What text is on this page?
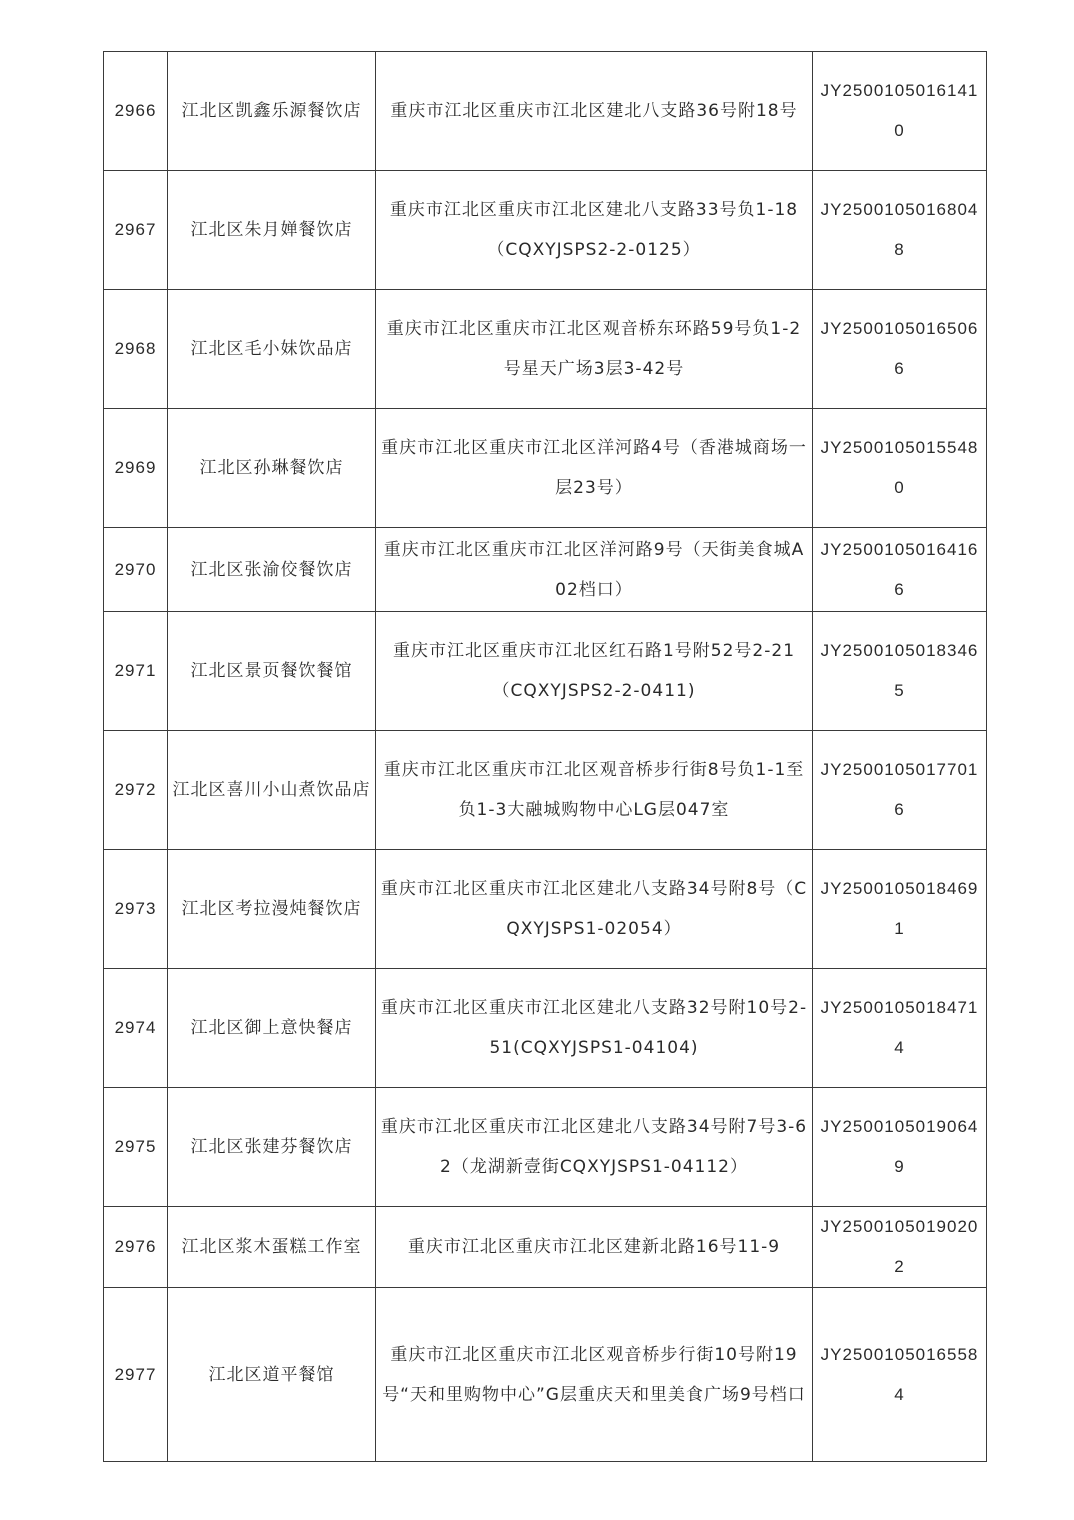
2966	江北区凯鑫乐源餐饮店	重庆市江北区重庆市江北区建北八支路36号附18号	JY25001050161410
2967	江北区朱月婵餐饮店	重庆市江北区重庆市江北区建北八支路33号负1-18（CQXYJSPS2-2-0125）	JY25001050168048
2968	江北区毛小妹饮品店	重庆市江北区重庆市江北区观音桥东环路59号负1-2号星天广场3层3-42号	JY25001050165066
2969	江北区孙琳餐饮店	重庆市江北区重庆市江北区洋河路4号（香港城商场一层23号）	JY25001050155480
2970	江北区张渝佼餐饮店	重庆市江北区重庆市江北区洋河路9号（天街美食城A02档口）	JY25001050164166
2971	江北区景页餐饮餐馆	重庆市江北区重庆市江北区红石路1号附52号2-21（CQXYJSPS2-2-0411)	JY25001050183465
2972	江北区喜川小山煮饮品店	重庆市江北区重庆市江北区观音桥步行街8号负1-1至负1-3大融城购物中心LG层047室	JY25001050177016
2973	江北区考拉漫炖餐饮店	重庆市江北区重庆市江北区建北八支路34号附8号（CQXYJSPS1-02054）	JY25001050184691
2974	江北区御上意快餐店	重庆市江北区重庆市江北区建北八支路32号附10号2-51(CQXYJSPS1-04104)	JY25001050184714
2975	江北区张建芬餐饮店	重庆市江北区重庆市江北区建北八支路34号附7号3-62（龙湖新壹街CQXYJSPS1-04112）	JY25001050190649
2976	江北区浆木蛋糕工作室	重庆市江北区重庆市江北区建新北路16号11-9	JY25001050190202
2977	江北区道平餐馆	重庆市江北区重庆市江北区观音桥步行街10号附19号“天和里购物中心”G层重庆天和里美食广场9号档口	JY25001050165584
